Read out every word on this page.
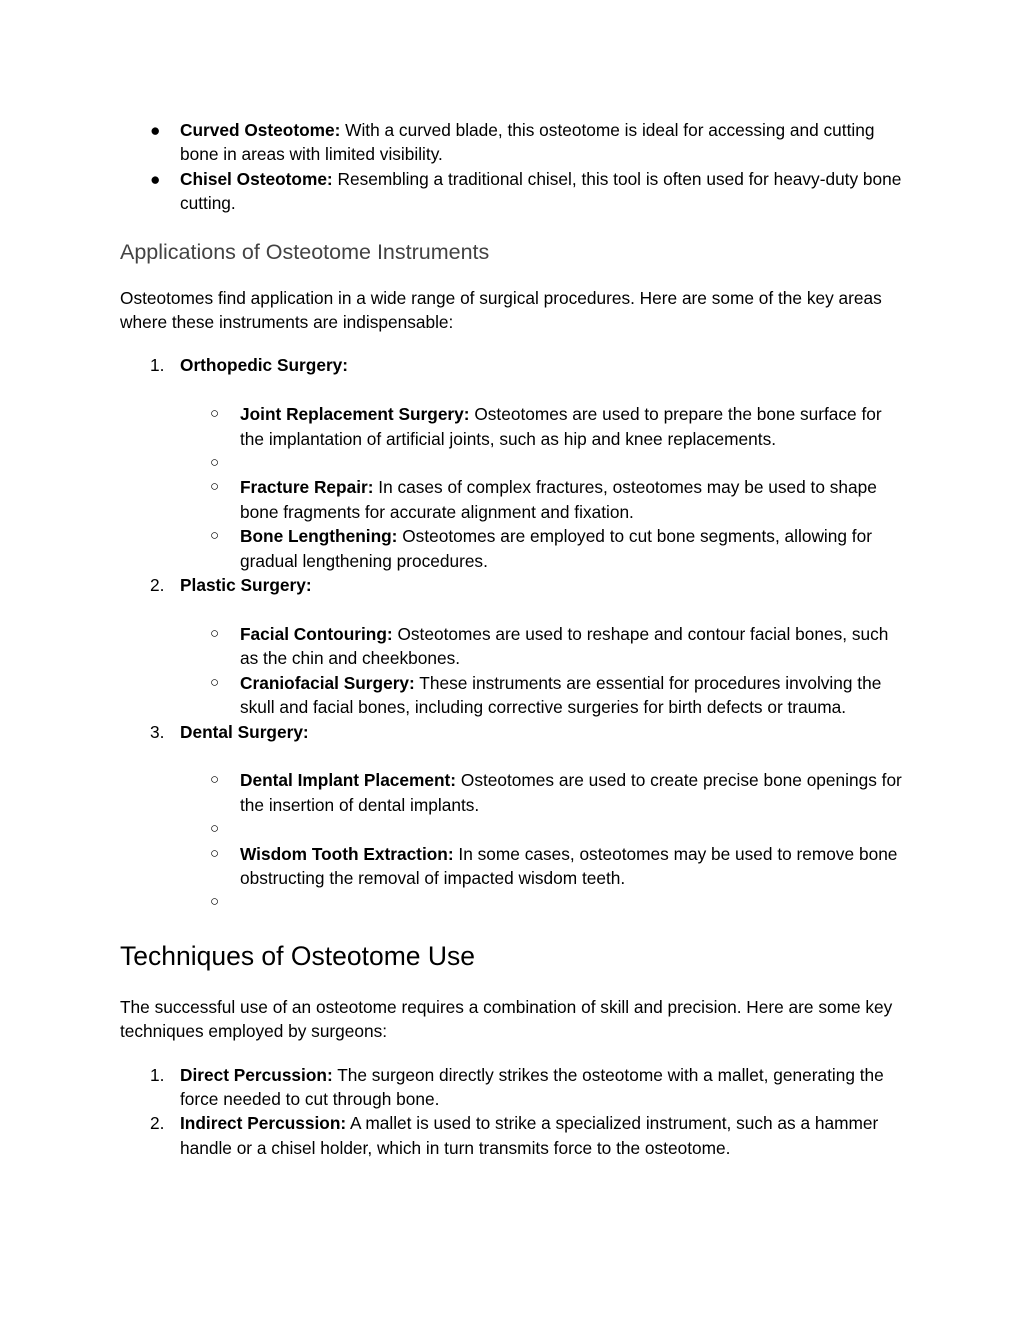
●	Curved Osteotome: With a curved blade, this osteotome is ideal for accessing and cutting bone in areas with limited visibility.
●	Chisel Osteotome: Resembling a traditional chisel, this tool is often used for heavy-duty bone cutting.
Applications of Osteotome Instruments

Osteotomes find application in a wide range of surgical procedures. Here are some of the key areas where these instruments are indispensable:

1. Orthopedic Surgery:
○	Joint Replacement Surgery: Osteotomes are used to prepare the bone surface for the implantation of artificial joints, such as hip and knee replacements.
○

○	Fracture Repair: In cases of complex fractures, osteotomes may be used to shape bone fragments for accurate alignment and fixation.
○	Bone Lengthening: Osteotomes are employed to cut bone segments, allowing for gradual lengthening procedures.
2. Plastic Surgery:
○	Facial Contouring: Osteotomes are used to reshape and contour facial bones, such as the chin and cheekbones.
○	Craniofacial Surgery: These instruments are essential for procedures involving the skull and facial bones, including corrective surgeries for birth defects or trauma.
3. Dental Surgery:
○	Dental Implant Placement: Osteotomes are used to create precise bone openings for the insertion of dental implants.
○

○	Wisdom Tooth Extraction: In some cases, osteotomes may be used to remove bone obstructing the removal of impacted wisdom teeth.
○

Techniques of Osteotome Use

The successful use of an osteotome requires a combination of skill and precision. Here are some key techniques employed by surgeons:

1. Direct Percussion: The surgeon directly strikes the osteotome with a mallet, generating the force needed to cut through bone.
2. Indirect Percussion: A mallet is used to strike a specialized instrument, such as a hammer handle or a chisel holder, which in turn transmits force to the osteotome.
